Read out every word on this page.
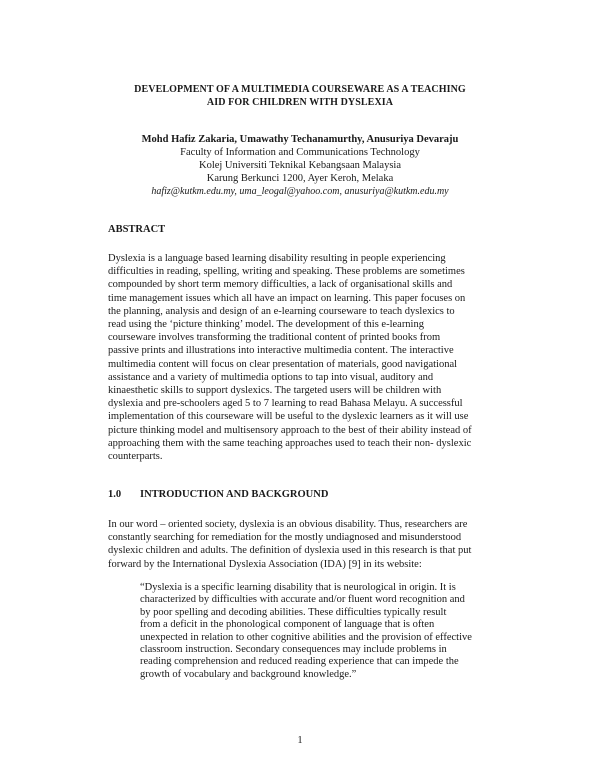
DEVELOPMENT OF A MULTIMEDIA COURSEWARE AS A TEACHING
AID FOR CHILDREN WITH DYSLEXIA
Mohd Hafiz Zakaria, Umawathy Techanamurthy, Anusuriya Devaraju
Faculty of Information and Communications Technology
Kolej Universiti Teknikal Kebangsaan Malaysia
Karung Berkunci 1200, Ayer Keroh, Melaka
hafiz@kutkm.edu.my, uma_leogal@yahoo.com, anusuriya@kutkm.edu.my
ABSTRACT
Dyslexia is a language based learning disability resulting in people experiencing
difficulties in reading, spelling, writing and speaking. These problems are sometimes
compounded by short term memory difficulties, a lack of organisational skills and
time management issues which all have an impact on learning. This paper focuses on
the planning, analysis and design of an e-learning courseware to teach dyslexics to
read using the ‘picture thinking’ model. The development of this e-learning
courseware involves transforming the traditional content of printed books from
passive prints and illustrations into interactive multimedia content. The interactive
multimedia content will focus on clear presentation of materials, good navigational
assistance and a variety of multimedia options to tap into visual, auditory and
kinaesthetic skills to support dyslexics. The targeted users will be children with
dyslexia and pre-schoolers aged 5 to 7 learning to read Bahasa Melayu. A successful
implementation of this courseware will be useful to the dyslexic learners as it will use
picture thinking model and multisensory approach to the best of their ability instead of
approaching them with the same teaching approaches used to teach their non- dyslexic
counterparts.
1.0 INTRODUCTION AND BACKGROUND
In our word – oriented society, dyslexia is an obvious disability. Thus, researchers are
constantly searching for remediation for the mostly undiagnosed and misunderstood
dyslexic children and adults. The definition of dyslexia used in this research is that put
forward by the International Dyslexia Association (IDA) [9] in its website:
“Dyslexia is a specific learning disability that is neurological in origin. It is
characterized by difficulties with accurate and/or fluent word recognition and
by poor spelling and decoding abilities. These difficulties typically result
from a deficit in the phonological component of language that is often
unexpected in relation to other cognitive abilities and the provision of effective
classroom instruction. Secondary consequences may include problems in
reading comprehension and reduced reading experience that can impede the
growth of vocabulary and background knowledge.”
1
